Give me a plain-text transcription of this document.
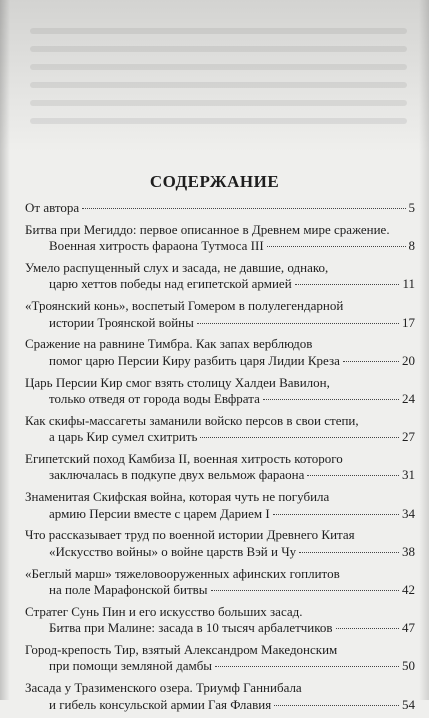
СОДЕРЖАНИЕ
От автора	5
Битва при Мегиддо: первое описанное в Древнем мире сражение.
Военная хитрость фараона Тутмоса III	8
Умело распущенный слух и засада, не давшие, однако,
царю хеттов победы над египетской армией	11
«Троянский конь», воспетый Гомером в полулегендарной
истории Троянской войны	17
Сражение на равнине Тимбра. Как запах верблюдов
помог царю Персии Киру разбить царя Лидии Креза	20
Царь Персии Кир смог взять столицу Халдеи Вавилон,
только отведя от города воды Евфрата	24
Как скифы-массагеты заманили войско персов в свои степи,
а царь Кир сумел схитрить	27
Египетский поход Камбиза II, военная хитрость которого
заключалась в подкупе двух вельмож фараона	31
Знаменитая Скифская война, которая чуть не погубила
армию Персии вместе с царем Дарием I	34
Что рассказывает труд по военной истории Древнего Китая
«Искусство войны» о войне царств Вэй и Чу	38
«Беглый марш» тяжеловооруженных афинских гоплитов
на поле Марафонской битвы	42
Стратег Сунь Пин и его искусство больших засад.
Битва при Малине: засада в 10 тысяч арбалетчиков	47
Город-крепость Тир, взятый Александром Македонским
при помощи земляной дамбы	50
Засада у Тразименского озера. Триумф Ганнибала
и гибель консульской армии Гая Флавия	54
